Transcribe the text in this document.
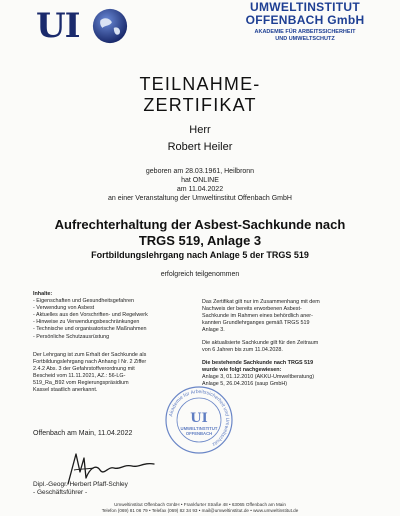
UI	UMWELTINSTITUT
OFFENBACH GmbH
AKADEMIE FÜR ARBEITSSICHERHEIT
UND UMWELTSCHUTZ
TEILNAHME-
ZERTIFIKAT
Herr
Robert Heiler
geboren am 28.03.1961, Heilbronn
hat ONLINE
am 11.04.2022
an einer Veranstaltung der Umweltinstitut Offenbach GmbH
Aufrechterhaltung der Asbest-Sachkunde nach
TRGS 519, Anlage 3
Fortbildungslehrgang nach Anlage 5 der TRGS 519
erfolgreich teilgenommen
Inhalte:
- Eigenschaften und Gesundheitsgefahren
- Verwendung von Asbest
- Aktuelles aus den Vorschriften- und Regelwerk
- Hinweise zu Verwendungsbeschränkungen
- Technische und organisatorische Maßnahmen
- Persönliche Schutzausrüstung
Der Lehrgang ist zum Erhalt der Sachkunde als
Fortbildungslehrgang nach Anhang I Nr. 2 Ziffer
2.4.2 Abs. 3 der Gefahrstoffverordnung mit
Bescheid vom 11.11.2021, AZ.: 56-LG-
519_Ra_B92 vom Regierungspräsidium
Kassel staatlich anerkannt.
Das Zertifikat gilt nur im Zusammenhang mit dem
Nachweis der bereits erworbenen Asbest-
Sachkunde im Rahmen eines behördlich aner-
kannten Grundlehrganges gemäß TRGS 519
Anlage 3.
Die aktualisierte Sachkunde gilt für den Zeitraum
von 6 Jahren bis zum 11.04.2028.
Die bestehende Sachkunde nach TRGS 519
wurde wie folgt nachgewiesen:
Anlage 3, 01.12.2010 (AKKU-Umweltberatung)
Anlage 5, 26.04.2016 (saup GmbH)
Akademie für Arbeitssicherheit und Umweltschutz
UI
UMWELTINSTITUT
OFFENBACH
Offenbach am Main, 11.04.2022
Dipl.-Geogr. Herbert Pfaff-Schley
- Geschäftsführer -
Umweltinstitut Offenbach GmbH • Frankfurter Straße 48 • 63065 Offenbach am Main
Telefon (069) 81 06 79 • Telefax (069) 82 34 93 • mail@umweltinstitut.de • www.umweltinstitut.de
